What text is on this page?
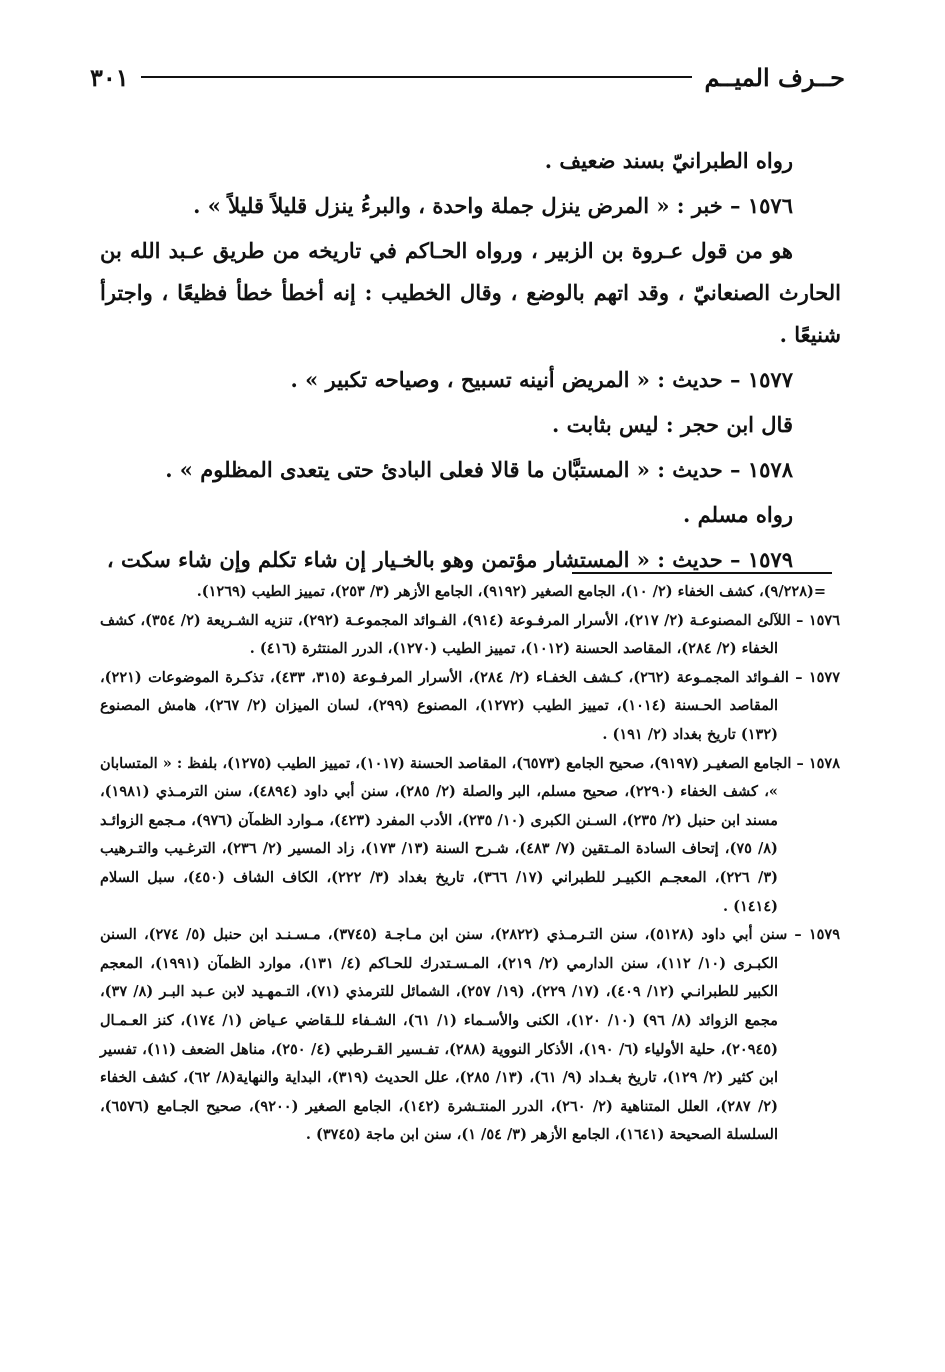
حــرف الميــم
٣٠١

رواه الطبرانيّ بسند ضعيف .

١٥٧٦ – خبر : « المرض ينزل جملة واحدة ، والبرءُ ينزل قليلاً قليلاً » .

هو من قول عـروة بن الزبير ، ورواه الحـاكم في تاريخه من طريق عـبد الله بن الحارث الصنعانيّ ، وقد اتهم بالوضع ، وقال الخطيب : إنه أخطأ خطأ فظيعًا ، واجترأ شنيعًا .

١٥٧٧ – حديث : « المريض أنينه تسبيح ، وصياحه تكبير » .

قال ابن حجر : ليس بثابت .

١٥٧٨ – حديث : « المستبَّان ما قالا فعلى البادئ حتى يتعدى المظلوم » .

رواه مسلم .

١٥٧٩ – حديث : « المستشار مؤتمن وهو بالخـيار إن شاء تكلم وإن شاء سكت ،

=(٩/٢٢٨)، كشف الخفاء (٢/ ١٠)، الجامع الصغير (٩١٩٢)، الجامع الأزهر (٣/ ٢٥٣)، تمييز الطيب (١٢٦٩).

١٥٧٦ – اللآلئ المصنوعـة (٢/ ٢١٧)، الأسرار المرفـوعة (٩١٤)، الفـوائد المجموعـة (٢٩٢)، تنزيه الشـريعة (٢/ ٣٥٤)، كشف الخفاء (٢/ ٢٨٤)، المقاصد الحسنة (١٠١٢)، تمييز الطيب (١٢٧٠)، الدرر المنتثرة (٤١٦) .

١٥٧٧ – الفـوائد المجمـوعة (٢٦٢)، كـشف الخفـاء (٢/ ٢٨٤)، الأسرار المرفـوعة (٣١٥، ٤٣٣)، تذكـرة الموضوعات (٢٢١)، المقاصد الحـسنة (١٠١٤)، تمييز الطيب (١٢٧٢)، المصنوع (٢٩٩)، لسان الميزان (٢/ ٢٦٧)، هامش المصنوع (١٣٢) تاريخ بغداد (٢/ ١٩١) .

١٥٧٨ – الجامع الصغيـر (٩١٩٧)، صحيح الجامع (٦٥٧٣)، المقاصد الحسنة (١٠١٧)، تمييز الطيب (١٢٧٥)، بلفظ : « المتسابان »، كشف الخفاء (٢٢٩٠)، صحيح مسلم، البر والصلة (٢/ ٢٨٥)، سنن أبي داود (٤٨٩٤)، سنن الترمـذي (١٩٨١)، مسند ابن حنبل (٢/ ٢٣٥)، السـنن الكبرى (١٠/ ٢٣٥)، الأدب المفرد (٤٢٣)، مـوارد الظمآن (٩٧٦)، مـجمع الزوائـد (٨/ ٧٥)، إتحاف السادة المـتقين (٧/ ٤٨٣)، شـرح السنة (١٣/ ١٧٣)، زاد المسير (٢/ ٢٣٦)، الترغـيب والتـرهيب (٣/ ٢٢٦)، المعجـم الكبيـر للطبراني (١٧/ ٣٦٦)، تاريخ بغداد (٣/ ٢٢٢)، الكاف الشاف (٤٥٠)، سبل السلام (١٤١٤) .

١٥٧٩ – سنن أبي داود (٥١٢٨)، سنن التـرمـذي (٢٨٢٢)، سنن ابن مـاجـة (٣٧٤٥)، مـسـنـد ابن حنبل (٥/ ٢٧٤)، السنن الكبـرى (١٠/ ١١٢)، سنن الدارمي (٢/ ٢١٩)، المـسـتدرك للحـاكم (٤/ ١٣١)، موارد الظمآن (١٩٩١)، المعجم الكبير للطبرانـي (١٢/ ٤٠٩)، (١٧/ ٢٢٩)، (١٩/ ٢٥٧)، الشمائل للترمذي (٧١)، التـمهـيد لابن عـبد البـر (٨/ ٣٧)، مجمع الزوائد (٨/ ٩٦) (١٠/ ١٢٠)، الكنى والأسـماء (١/ ٦١)، الشـفاء للـقاضي عـياض (١/ ١٧٤)، كنز العـمـال (٢٠٩٤٥)، حلية الأولياء (٦/ ١٩٠)، الأذكار النووية (٢٨٨)، تفـسير القـرطبي (٤/ ٢٥٠)، مناهل الضعف (١١)، تفسير ابن كثير (٢/ ١٢٩)، تاريخ بغـداد (٩/ ٦١)، (١٣/ ٢٨٥)، علل الحديث (٣١٩)، البداية والنهاية(٨/ ٦٢)، كشف الخفاء (٢/ ٢٨٧)، العلل المتناهية (٢/ ٢٦٠)، الدرر المنتـشرة (١٤٢)، الجامع الصغير (٩٢٠٠)، صحيح الجـامع (٦٥٧٦)، السلسلة الصحيحة (١٦٤١)، الجامع الأزهر (٣/ ٥٤/ ١)، سنن ابن ماجة (٣٧٤٥) .
